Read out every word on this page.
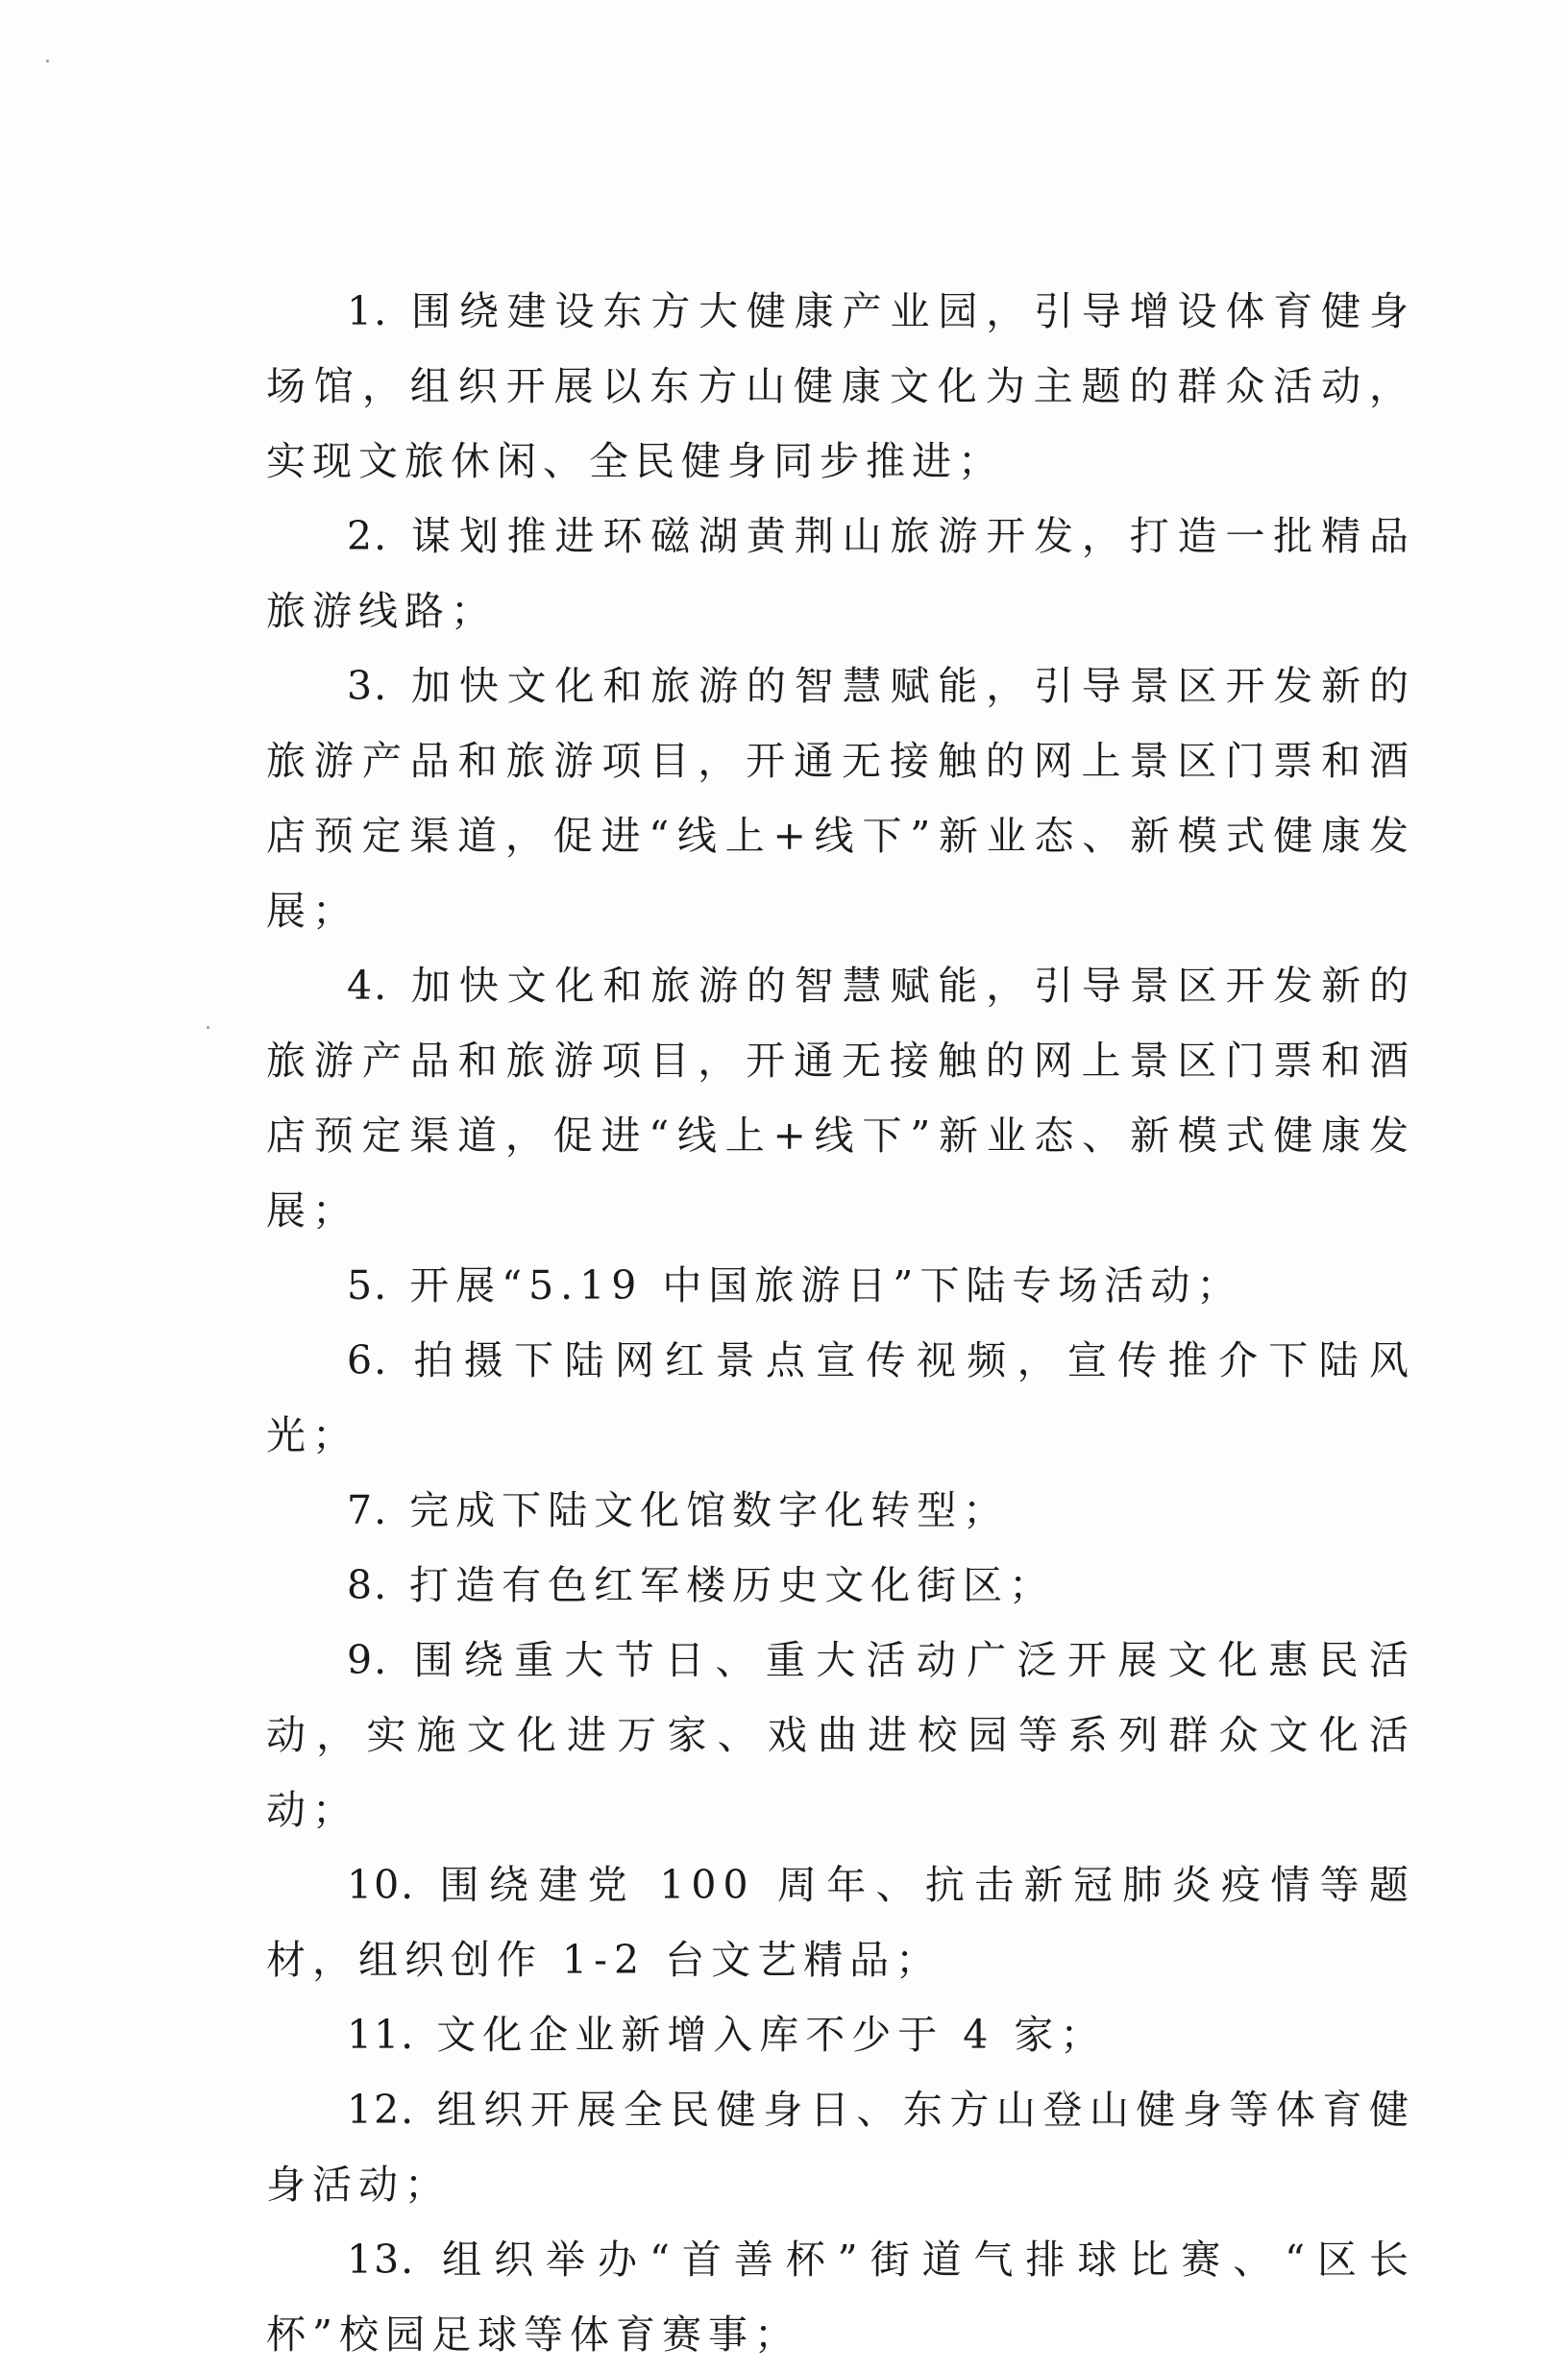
1. 围绕建设东方大健康产业园，引导增设体育健身场馆，组织开展以东方山健康文化为主题的群众活动，实现文旅休闲、全民健身同步推进；

2. 谋划推进环磁湖黄荆山旅游开发，打造一批精品旅游线路；

3. 加快文化和旅游的智慧赋能，引导景区开发新的旅游产品和旅游项目，开通无接触的网上景区门票和酒店预定渠道，促进“线上+线下”新业态、新模式健康发展；

4. 加快文化和旅游的智慧赋能，引导景区开发新的旅游产品和旅游项目，开通无接触的网上景区门票和酒店预定渠道，促进“线上+线下”新业态、新模式健康发展；

5. 开展“5.19 中国旅游日”下陆专场活动；

6. 拍摄下陆网红景点宣传视频，宣传推介下陆风光；

7. 完成下陆文化馆数字化转型；

8. 打造有色红军楼历史文化街区；

9. 围绕重大节日、重大活动广泛开展文化惠民活动，实施文化进万家、戏曲进校园等系列群众文化活动；

10. 围绕建党 100 周年、抗击新冠肺炎疫情等题材，组织创作 1-2 台文艺精品；

11. 文化企业新增入库不少于 4 家；

12. 组织开展全民健身日、东方山登山健身等体育健身活动；

13. 组织举办“首善杯”街道气排球比赛、“区长杯”校园足球等体育赛事；
